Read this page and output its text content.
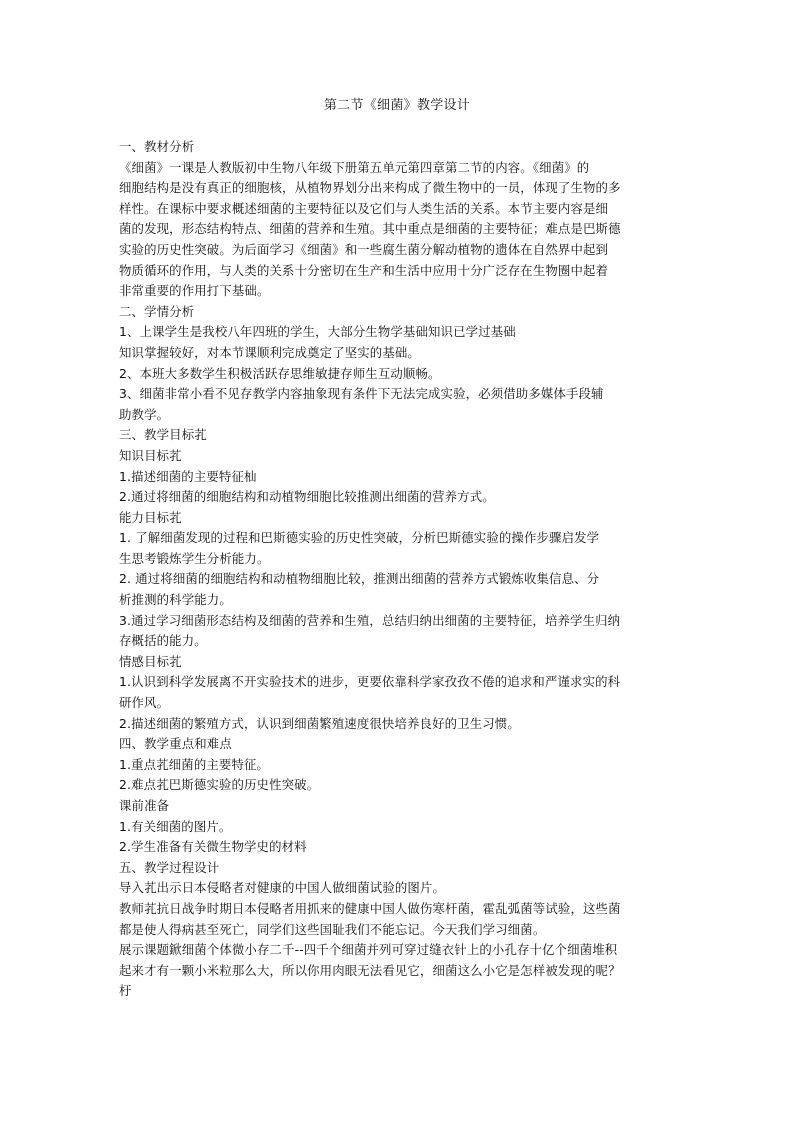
第二节《细菌》教学设计
一、教材分析
《细菌》一课是人教版初中生物八年级下册第五单元第四章第二节的内容。《细菌》的
细胞结构是没有真正的细胞核，从植物界划分出来构成了微生物中的一员，体现了生物的多
样性。在课标中要求概述细菌的主要特征以及它们与人类生活的关系。本节主要内容是细
菌的发现，形态结构特点、细菌的营养和生殖。其中重点是细菌的主要特征；难点是巴斯德
实验的历史性突破。为后面学习《细菌》和一些腐生菌分解动植物的遗体在自然界中起到
物质循环的作用，与人类的关系十分密切在生产和生活中应用十分广泛存在生物圈中起着
非常重要的作用打下基础。
二、学情分析
1、上课学生是我校八年四班的学生，大部分生物学基础知识已学过基础
知识掌握较好，对本节课顺利完成奠定了坚实的基础。
2、本班大多数学生积极活跃存思维敏捷存师生互动顺畅。
3、细菌非常小看不见存教学内容抽象现有条件下无法完成实验，必须借助多媒体手段辅
助教学。
三、教学目标芤
知识目标芤
1.描述细菌的主要特征杣
2.通过将细菌的细胞结构和动植物细胞比较推测出细菌的营养方式。
能力目标芤
1. 了解细菌发现的过程和巴斯德实验的历史性突破，分析巴斯德实验的操作步骤启发学
生思考锻炼学生分析能力。
2. 通过将细菌的细胞结构和动植物细胞比较，推测出细菌的营养方式锻炼收集信息、分
析推测的科学能力。
3.通过学习细菌形态结构及细菌的营养和生殖，总结归纳出细菌的主要特征，培养学生归纳
存概括的能力。
情感目标芤
1.认识到科学发展离不开实验技术的进步，更要依靠科学家孜孜不倦的追求和严谨求实的科
研作风。
2.描述细菌的繁殖方式，认识到细菌繁殖速度很快培养良好的卫生习惯。
四、教学重点和难点
1.重点芤细菌的主要特征。
2.难点芤巴斯德实验的历史性突破。
课前准备
1.有关细菌的图片。
2.学生准备有关微生物学史的材料
五、教学过程设计
导入芤出示日本侵略者对健康的中国人做细菌试验的图片。
教师芤抗日战争时期日本侵略者用抓来的健康中国人做伤寒杆菌，霍乱弧菌等试验，这些菌
都是使人得病甚至死亡，同学们这些国耻我们不能忘记。今天我们学习细菌。
展示课题鍁细菌个体微小存二千--四千个细菌并列可穿过缝衣针上的小孔存十亿个细菌堆积
起来才有一颗小米粒那么大，所以你用肉眼无法看见它，细菌这么小它是怎样被发现的呢？
杅
